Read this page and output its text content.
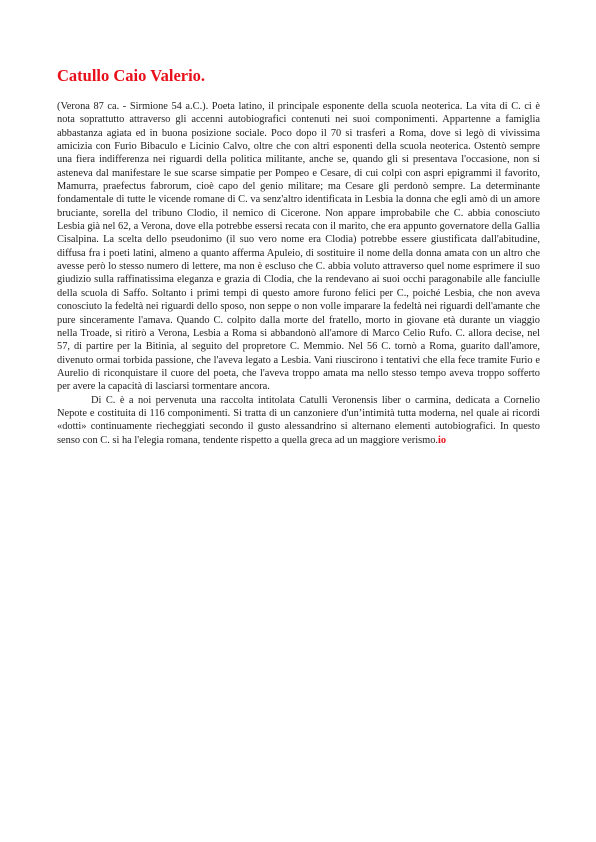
Catullo Caio Valerio.

(Verona 87 ca. - Sirmione 54 a.C.). Poeta latino, il principale esponente della scuola neoterica. La vita di C. ci è nota soprattutto attraverso gli accenni autobiografici contenuti nei suoi componimenti. Appartenne a famiglia abbastanza agiata ed in buona posizione sociale. Poco dopo il 70 si trasferì a Roma, dove si legò di vivissima amicizia con Furio Bibaculo e Licinio Calvo, oltre che con altri esponenti della scuola neoterica. Ostentò sempre una fiera indifferenza nei riguardi della politica militante, anche se, quando gli si presentava l'occasione, non si asteneva dal manifestare le sue scarse simpatie per Pompeo e Cesare, di cui colpì con aspri epigrammi il favorito, Mamurra, praefectus fabrorum, cioè capo del genio militare; ma Cesare gli perdonò sempre. La determinante fondamentale di tutte le vicende romane di C. va senz'altro identificata in Lesbia la donna che egli amò di un amore bruciante, sorella del tribuno Clodio, il nemico di Cicerone. Non appare improbabile che C. abbia conosciuto Lesbia già nel 62, a Verona, dove ella potrebbe essersi recata con il marito, che era appunto governatore della Gallia Cisalpina. La scelta dello pseudonimo (il suo vero nome era Clodia) potrebbe essere giustificata dall'abitudine, diffusa fra i poeti latini, almeno a quanto afferma Apuleio, di sostituire il nome della donna amata con un altro che avesse però lo stesso numero di lettere, ma non è escluso che C. abbia voluto attraverso quel nome esprimere il suo giudizio sulla raffinatissima eleganza e grazia di Clodia, che la rendevano ai suoi occhi paragonabile alle fanciulle della scuola di Saffo. Soltanto i primi tempi di questo amore furono felici per C., poiché Lesbia, che non aveva conosciuto la fedeltà nei riguardi dello sposo, non seppe o non volle imparare la fedeltà nei riguardi dell'amante che pure sinceramente l'amava. Quando C. colpito dalla morte del fratello, morto in giovane età durante un viaggio nella Troade, si ritirò a Verona, Lesbia a Roma si abbandonò all'amore di Marco Celio Rufo. C. allora decise, nel 57, di partire per la Bitinia, al seguito del propretore C. Memmio. Nel 56 C. tornò a Roma, guarito dall'amore, divenuto ormai torbida passione, che l'aveva legato a Lesbia. Vani riuscirono i tentativi che ella fece tramite Furio e Aurelio di riconquistare il cuore del poeta, che l'aveva troppo amata ma nello stesso tempo aveva troppo sofferto per avere la capacità di lasciarsi tormentare ancora.

Di C. è a noi pervenuta una raccolta intitolata Catulli Veronensis liber o carmina, dedicata a Cornelio Nepote e costituita di 116 componimenti. Si tratta di un canzoniere d'un’intimità tutta moderna, nel quale ai ricordi «dotti» continuamente riecheggiati secondo il gusto alessandrino si alternano elementi autobiografici. In questo senso con C. si ha l'elegia romana, tendente rispetto a quella greca ad un maggiore verismo.io
